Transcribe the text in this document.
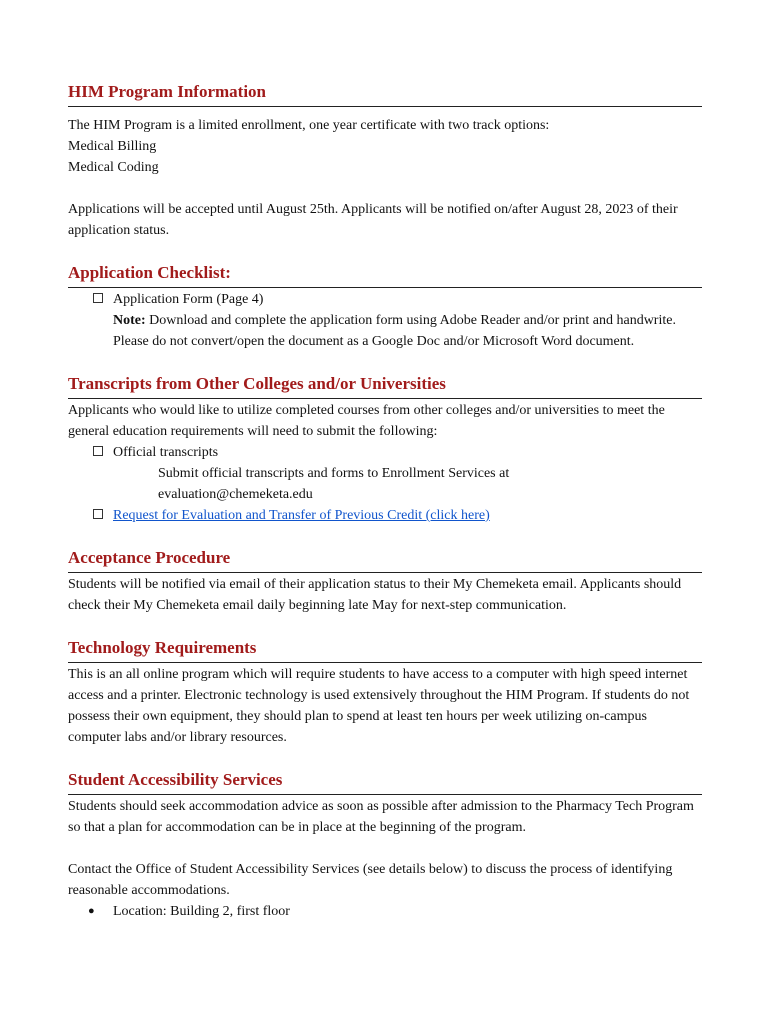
HIM Program Information

The HIM Program is a limited enrollment, one year certificate with two track options:

Medical Billing

Medical Coding

Applications will be accepted until August 25th. Applicants will be notified on/after August 28, 2023 of their application status.

Application Checklist:
Application Form (Page 4)

Note: Download and complete the application form using Adobe Reader and/or print and handwrite.

Please do not convert/open the document as a Google Doc and/or Microsoft Word document.

Transcripts from Other Colleges and/or Universities

Applicants who would like to utilize completed courses from other colleges and/or universities to meet the general education requirements will need to submit the following:

Official transcripts

Submit official transcripts and forms to Enrollment Services at

evaluation@chemeketa.edu

Request for Evaluation and Transfer of Previous Credit (click here)
Acceptance Procedure

Students will be notified via email of their application status to their My Chemeketa email. Applicants should check their My Chemeketa email daily beginning late May for next-step communication.

Technology Requirements

This is an all online program which will require students to have access to a computer with high speed internet access and a printer. Electronic technology is used extensively throughout the HIM Program. If students do not possess their own equipment, they should plan to spend at least ten hours per week utilizing on-campus computer labs and/or library resources.

Student Accessibility Services

Students should seek accommodation advice as soon as possible after admission to the Pharmacy Tech Program so that a plan for accommodation can be in place at the beginning of the program.

Contact the Office of Student Accessibility Services (see details below) to discuss the process of identifying reasonable accommodations.

● Location: Building 2, first floor
